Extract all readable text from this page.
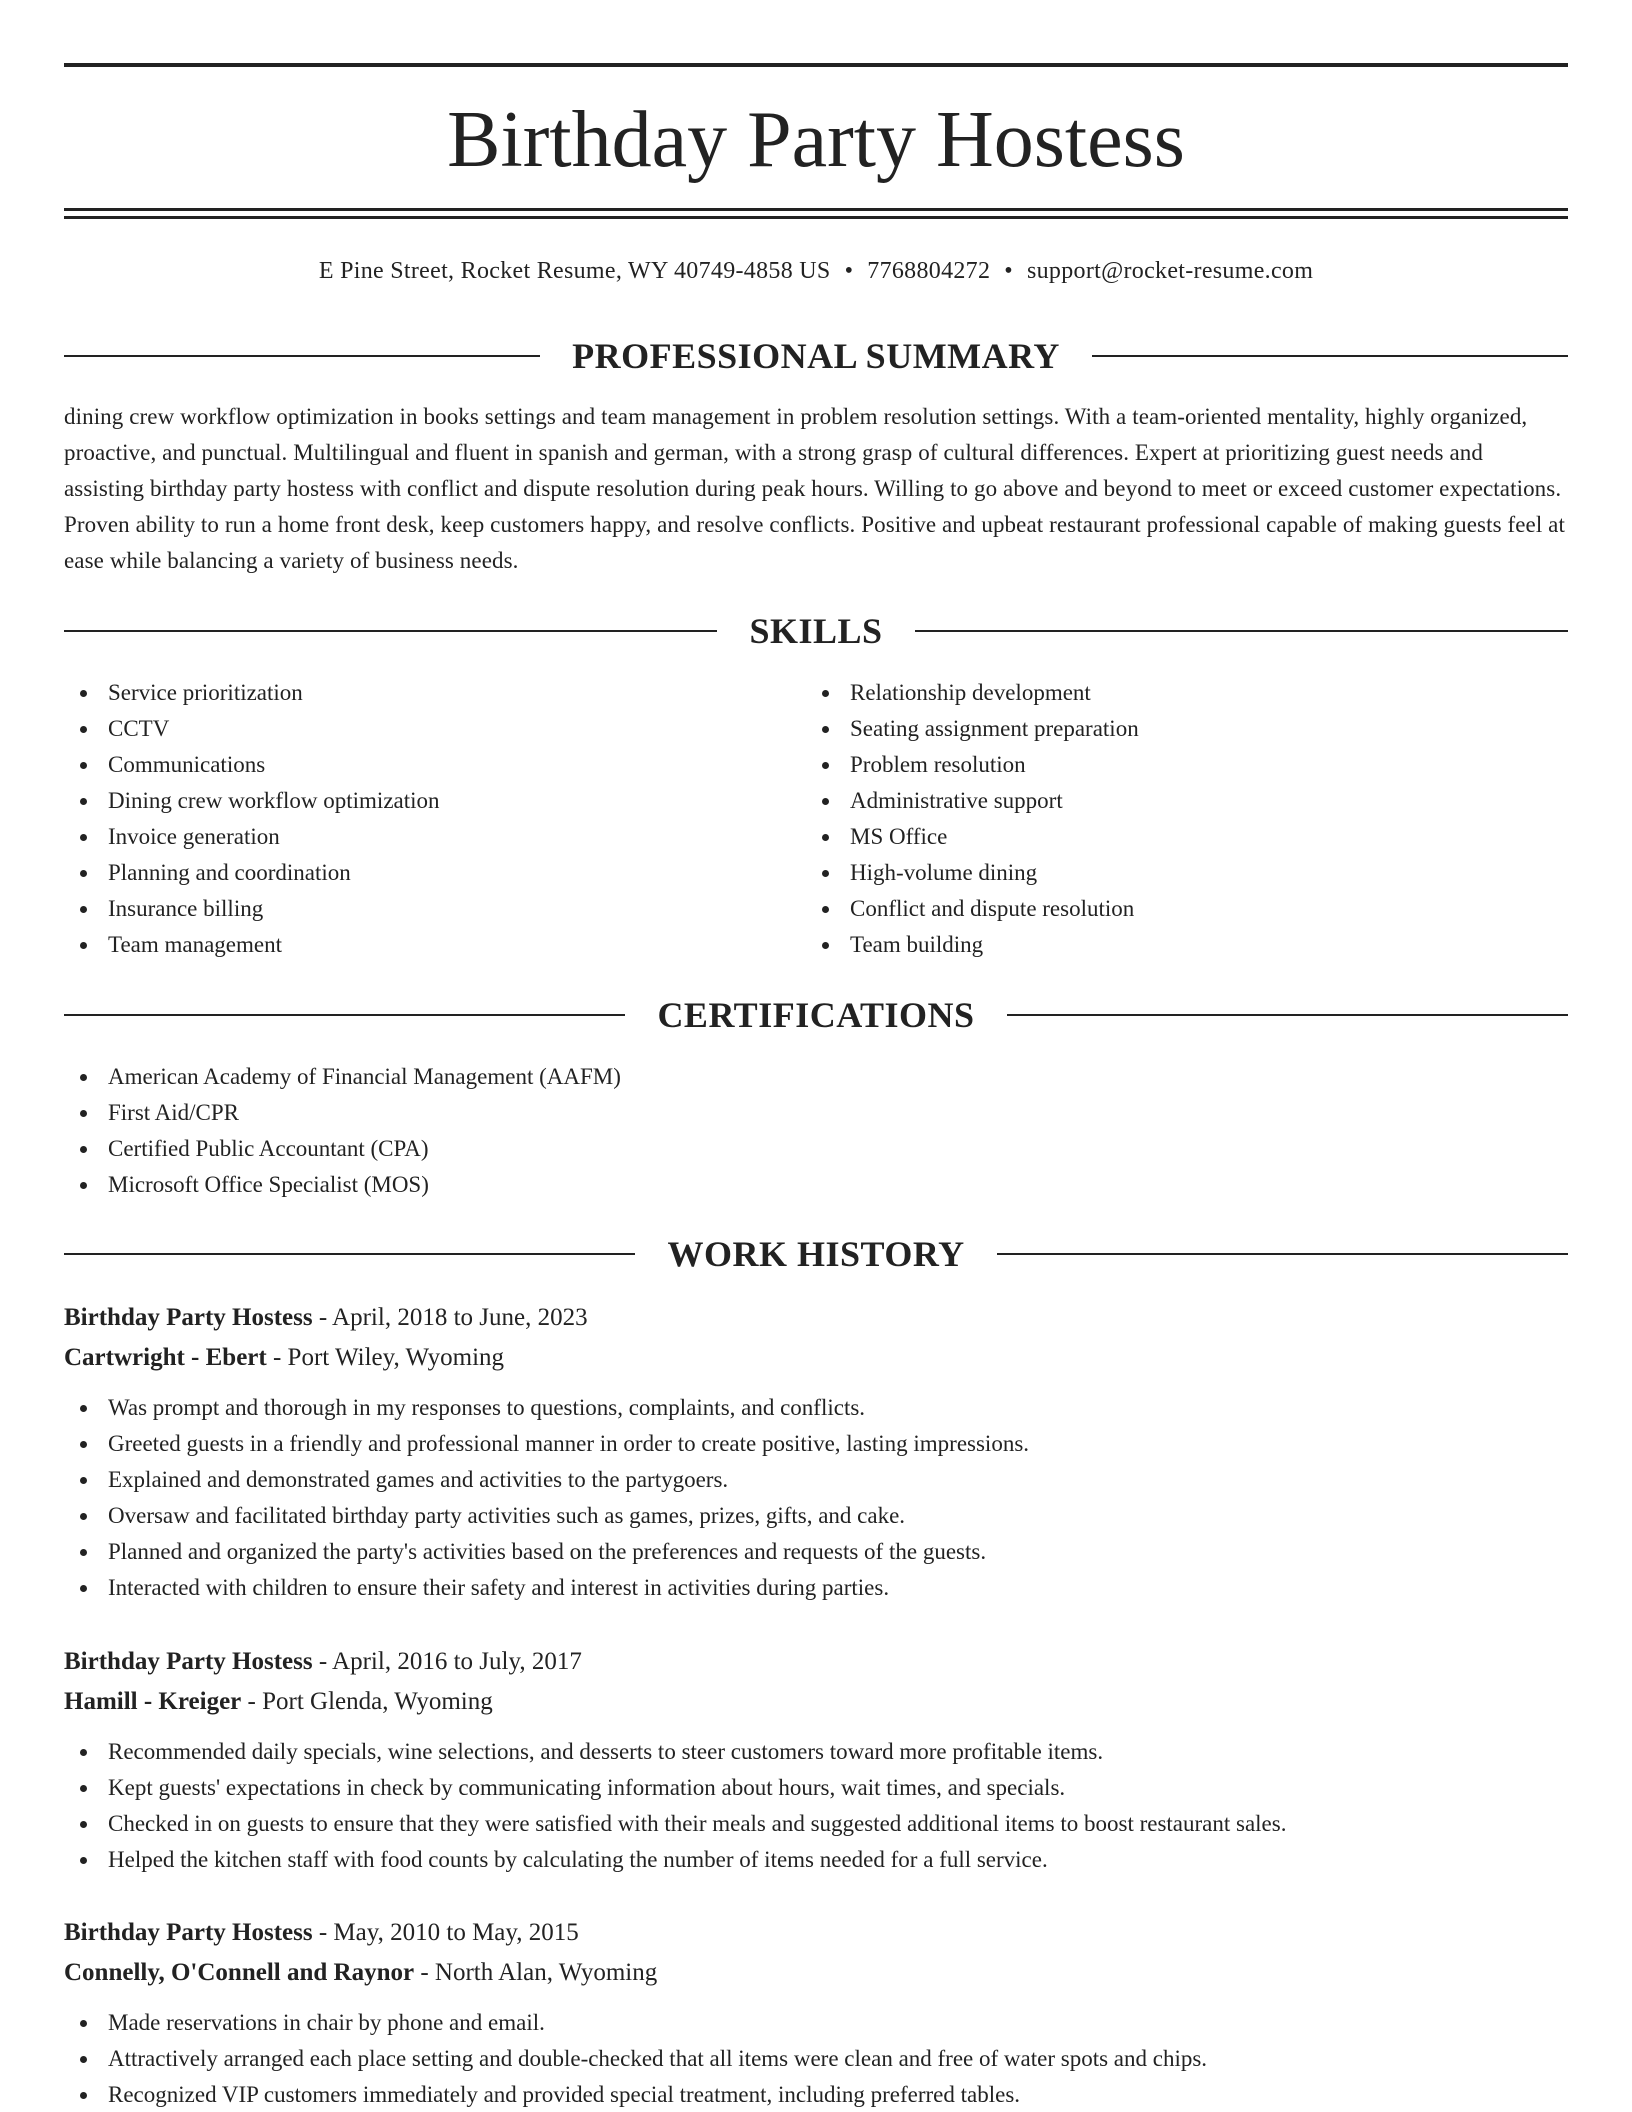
Birthday Party Hostess
E Pine Street, Rocket Resume, WY 40749-4858 US • 7768804272 • support@rocket-resume.com
PROFESSIONAL SUMMARY

dining crew workflow optimization in books settings and team management in problem resolution settings. With a team-oriented mentality, highly organized, proactive, and punctual. Multilingual and fluent in spanish and german, with a strong grasp of cultural differences. Expert at prioritizing guest needs and assisting birthday party hostess with conflict and dispute resolution during peak hours. Willing to go above and beyond to meet or exceed customer expectations. Proven ability to run a home front desk, keep customers happy, and resolve conflicts. Positive and upbeat restaurant professional capable of making guests feel at ease while balancing a variety of business needs.

SKILLS
Service prioritization
CCTV
Communications
Dining crew workflow optimization
Invoice generation
Planning and coordination
Insurance billing
Team management
Relationship development
Seating assignment preparation
Problem resolution
Administrative support
MS Office
High-volume dining
Conflict and dispute resolution
Team building
CERTIFICATIONS
American Academy of Financial Management (AAFM)
First Aid/CPR
Certified Public Accountant (CPA)
Microsoft Office Specialist (MOS)
WORK HISTORY
Birthday Party Hostess - April, 2018 to June, 2023
Cartwright - Ebert - Port Wiley, Wyoming
Was prompt and thorough in my responses to questions, complaints, and conflicts.
Greeted guests in a friendly and professional manner in order to create positive, lasting impressions.
Explained and demonstrated games and activities to the partygoers.
Oversaw and facilitated birthday party activities such as games, prizes, gifts, and cake.
Planned and organized the party's activities based on the preferences and requests of the guests.
Interacted with children to ensure their safety and interest in activities during parties.
Birthday Party Hostess - April, 2016 to July, 2017
Hamill - Kreiger - Port Glenda, Wyoming
Recommended daily specials, wine selections, and desserts to steer customers toward more profitable items.
Kept guests' expectations in check by communicating information about hours, wait times, and specials.
Checked in on guests to ensure that they were satisfied with their meals and suggested additional items to boost restaurant sales.
Helped the kitchen staff with food counts by calculating the number of items needed for a full service.
Birthday Party Hostess - May, 2010 to May, 2015
Connelly, O'Connell and Raynor - North Alan, Wyoming
Made reservations in chair by phone and email.
Attractively arranged each place setting and double-checked that all items were clean and free of water spots and chips.
Recognized VIP customers immediately and provided special treatment, including preferred tables.
